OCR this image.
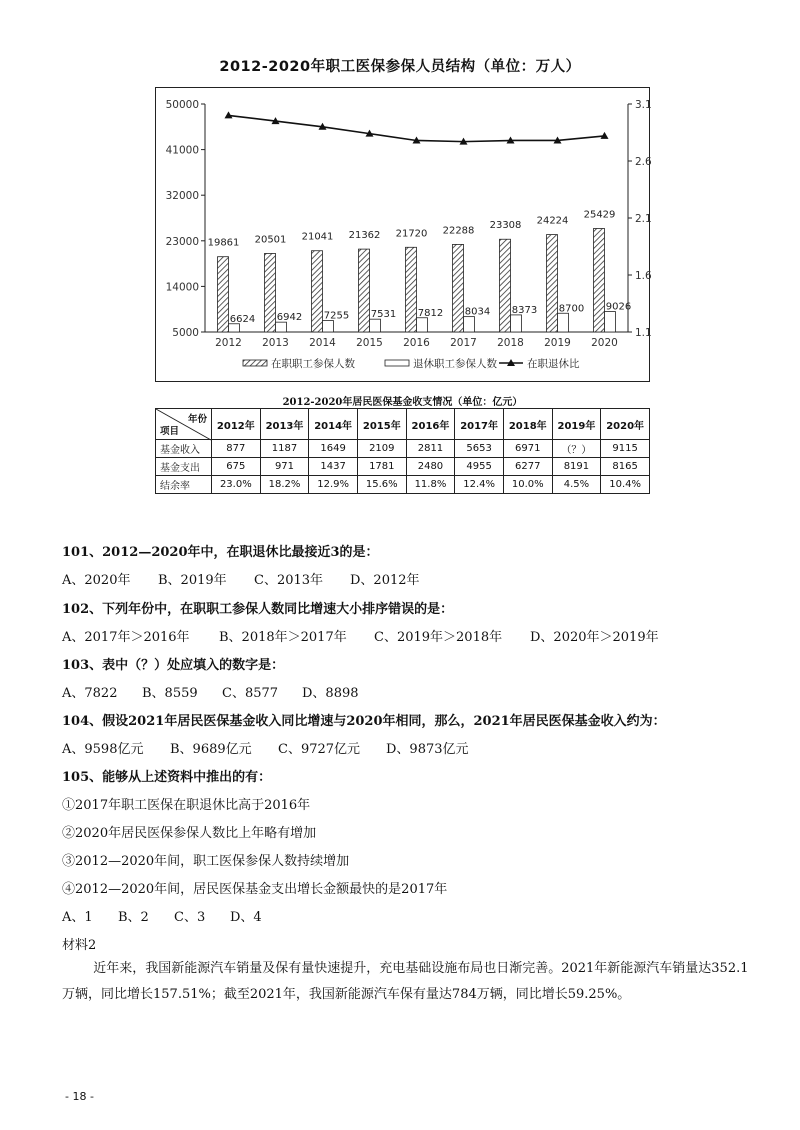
2012-2020年职工医保参保人员结构（单位：万人）
50000
41000
32000
23000
14000
5000
3.1
2.6
2.1
1.6
1.1
2012 2013 2014 2015 2016 2017 2018 2019 2020
19861 20501 21041 21362 21720 22288 23308 24224
25429
6624 6942 7255 7531 7812 8034 8373 8700 9026
在职职工参保人数	退休职工参保人数	在职退休比
2012-2020年居民医保基金收支情况（单位：亿元）
年份
项目	2012年	2013年	2014年	2015年	2016年	2017年	2018年	2019年	2020年
基金收入	877	1187	1649	2109	2811	5653	6971	（？）	9115
基金支出	675	971	1437	1781	2480	4955	6277	8191	8165
结余率	23.0%	18.2%	12.9%	15.6%	11.8%	12.4%	10.0%	4.5%	10.4%
101、2012—2020年中，在职退休比最接近3的是：
A、2020年 B、2019年 C、2013年 D、2012年
102、下列年份中，在职职工参保人数同比增速大小排序错误的是：
A、2017年＞2016年 B、2018年＞2017年 C、2019年＞2018年 D、2020年＞2019年
103、表中（？）处应填入的数字是：
A、7822 B、8559 C、8577 D、8898
104、假设2021年居民医保基金收入同比增速与2020年相同，那么，2021年居民医保基金收入约为：
A、9598亿元 B、9689亿元 C、9727亿元 D、9873亿元
105、能够从上述资料中推出的有：
①2017年职工医保在职退休比高于2016年
②2020年居民医保参保人数比上年略有增加
③2012—2020年间，职工医保参保人数持续增加
④2012—2020年间，居民医保基金支出增长金额最快的是2017年
A、1 B、2 C、3 D、4
材料2
近年来，我国新能源汽车销量及保有量快速提升，充电基础设施布局也日渐完善。2021年新能源汽车销量达352.1万辆，同比增长157.51%；截至2021年，我国新能源汽车保有量达784万辆，同比增长59.25%。
- 18 -
